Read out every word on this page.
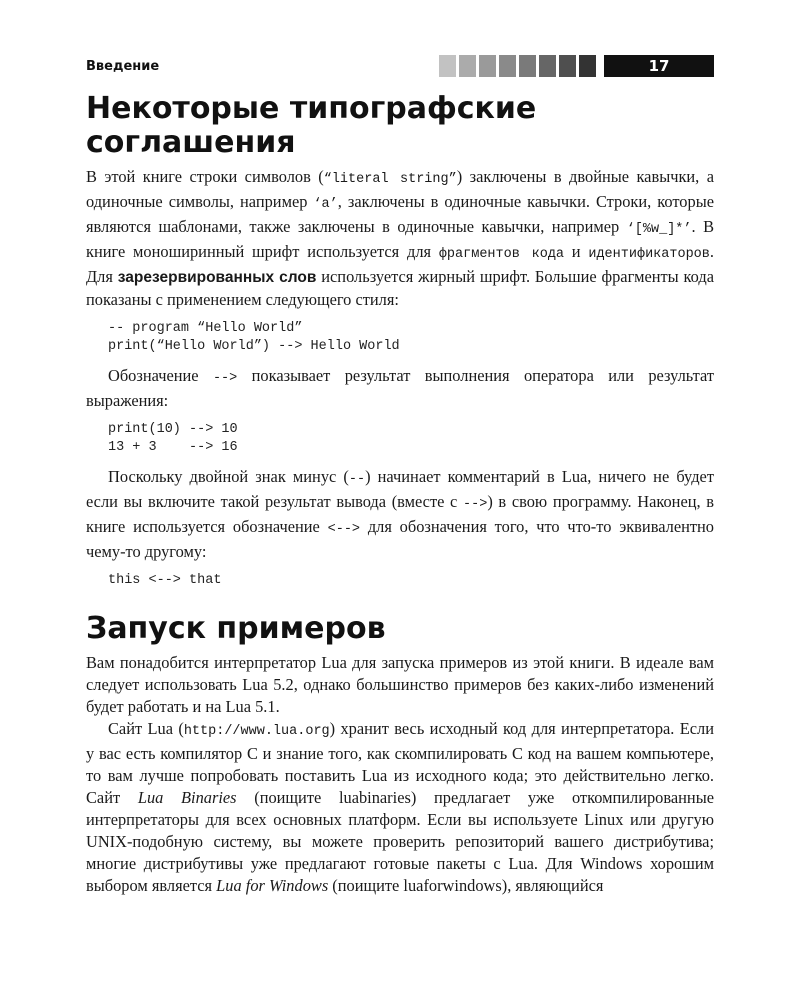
Введение	17
Некоторые типографские
соглашения

В этой книге строки символов (“literal string”) заключены в двойные кавычки, а одиночные символы, например ‘a’, заключены в одиночные кавычки. Строки, которые являются шаблонами, также заключены в одиночные кавычки, например ‘[%w_]*’. В книге моноширинный шрифт используется для фрагментов кода и идентификаторов. Для зарезервированных слов используется жирный шрифт. Большие фрагменты кода показаны с применением следующего стиля:

-- program “Hello World”
print(“Hello World”) --> Hello World

Обозначение --> показывает результат выполнения оператора или результат выражения:

print(10) --> 10
13 + 3    --> 16

Поскольку двойной знак минус (--) начинает комментарий в Lua, ничего не будет если вы включите такой результат вывода (вместе с -->) в свою программу. Наконец, в книге используется обозначение <--> для обозначения того, что что-то эквивалентно чему-то другому:

this <--> that
Запуск примеров

Вам понадобится интерпретатор Lua для запуска примеров из этой книги. В идеале вам следует использовать Lua 5.2, однако большинство примеров без каких-либо изменений будет работать и на Lua 5.1.

Сайт Lua (http://www.lua.org) хранит весь исходный код для интерпретатора. Если у вас есть компилятор C и знание того, как скомпилировать C код на вашем компьютере, то вам лучше попробовать поставить Lua из исходного кода; это действительно легко. Сайт Lua Binaries (поищите luabinaries) предлагает уже откомпилированные интерпретаторы для всех основных платформ. Если вы используете Linux или другую UNIX-подобную систему, вы можете проверить репозиторий вашего дистрибутива; многие дистрибутивы уже предлагают готовые пакеты с Lua. Для Windows хорошим выбором является Lua for Windows (поищите luaforwindows), являющийся
